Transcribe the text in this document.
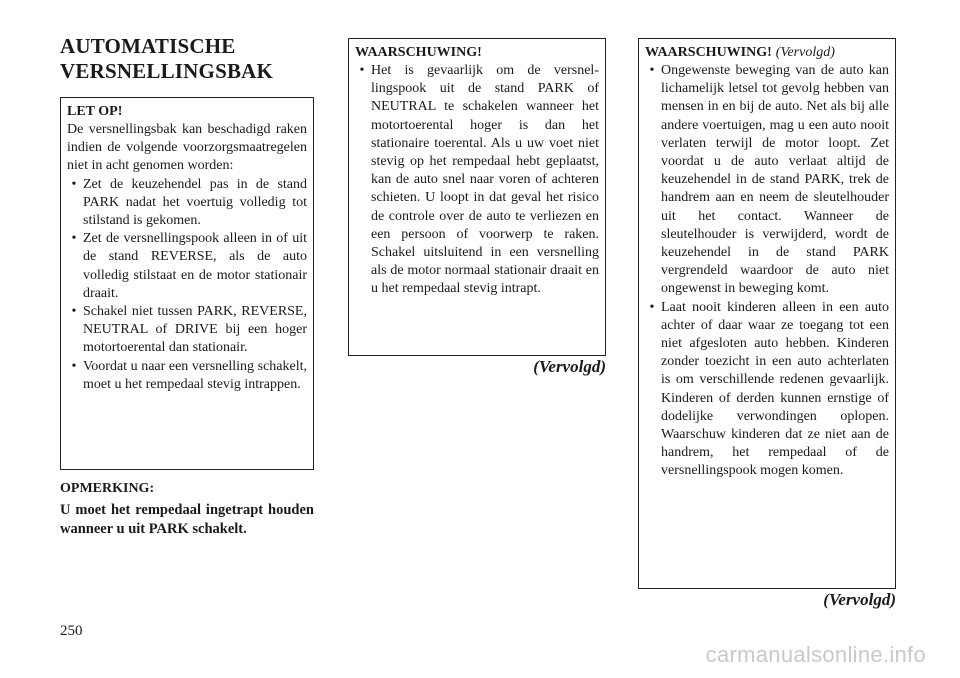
AUTOMATISCHE VERSNELLINGSBAK
LET OP!

De versnellingsbak kan beschadigd raken indien de volgende voorzorgsmaatregelen niet in acht genomen worden:

• Zet de keuzehendel pas in de stand PARK nadat het voertuig volledig tot stilstand is gekomen.
• Zet de versnellingspook alleen in of uit de stand REVERSE, als de auto volledig stilstaat en de motor stationair draait.
• Schakel niet tussen PARK, REVERSE, NEUTRAL of DRIVE bij een hoger motortoerental dan stationair.
• Voordat u naar een versnelling schakelt, moet u het rempedaal stevig intrappen.
OPMERKING:
U moet het rempedaal ingetrapt houden wanneer u uit PARK schakelt.
WAARSCHUWING!
• Het is gevaarlijk om de versnellingspook uit de stand PARK of NEUTRAL te schakelen wanneer het motortoerental hoger is dan het stationaire toerental. Als u uw voet niet stevig op het rempedaal hebt geplaatst, kan de auto snel naar voren of achteren schieten. U loopt in dat geval het risico de controle over de auto te verliezen en een persoon of voorwerp te raken. Schakel uitsluitend in een versnelling als de motor normaal stationair draait en u het rempedaal stevig intrapt.
(Vervolgd)
WAARSCHUWING! (Vervolgd)
• Ongewenste beweging van de auto kan lichamelijk letsel tot gevolg hebben van mensen in en bij de auto. Net als bij alle andere voertuigen, mag u een auto nooit verlaten terwijl de motor loopt. Zet voordat u de auto verlaat altijd de keuzehendel in de stand PARK, trek de handrem aan en neem de sleutelhouder uit het contact. Wanneer de sleutelhouder is verwijderd, wordt de keuzehendel in de stand PARK vergrendeld waardoor de auto niet ongewenst in beweging komt.
• Laat nooit kinderen alleen in een auto achter of daar waar ze toegang tot een niet afgesloten auto hebben. Kinderen zonder toezicht in een auto achterlaten is om verschillende redenen gevaarlijk. Kinderen of derden kunnen ernstige of dodelijke verwondingen oplopen. Waarschuw kinderen dat ze niet aan de handrem, het rempedaal of de versnellingspook mogen komen.
(Vervolgd)
250
carmanualsonline.info
